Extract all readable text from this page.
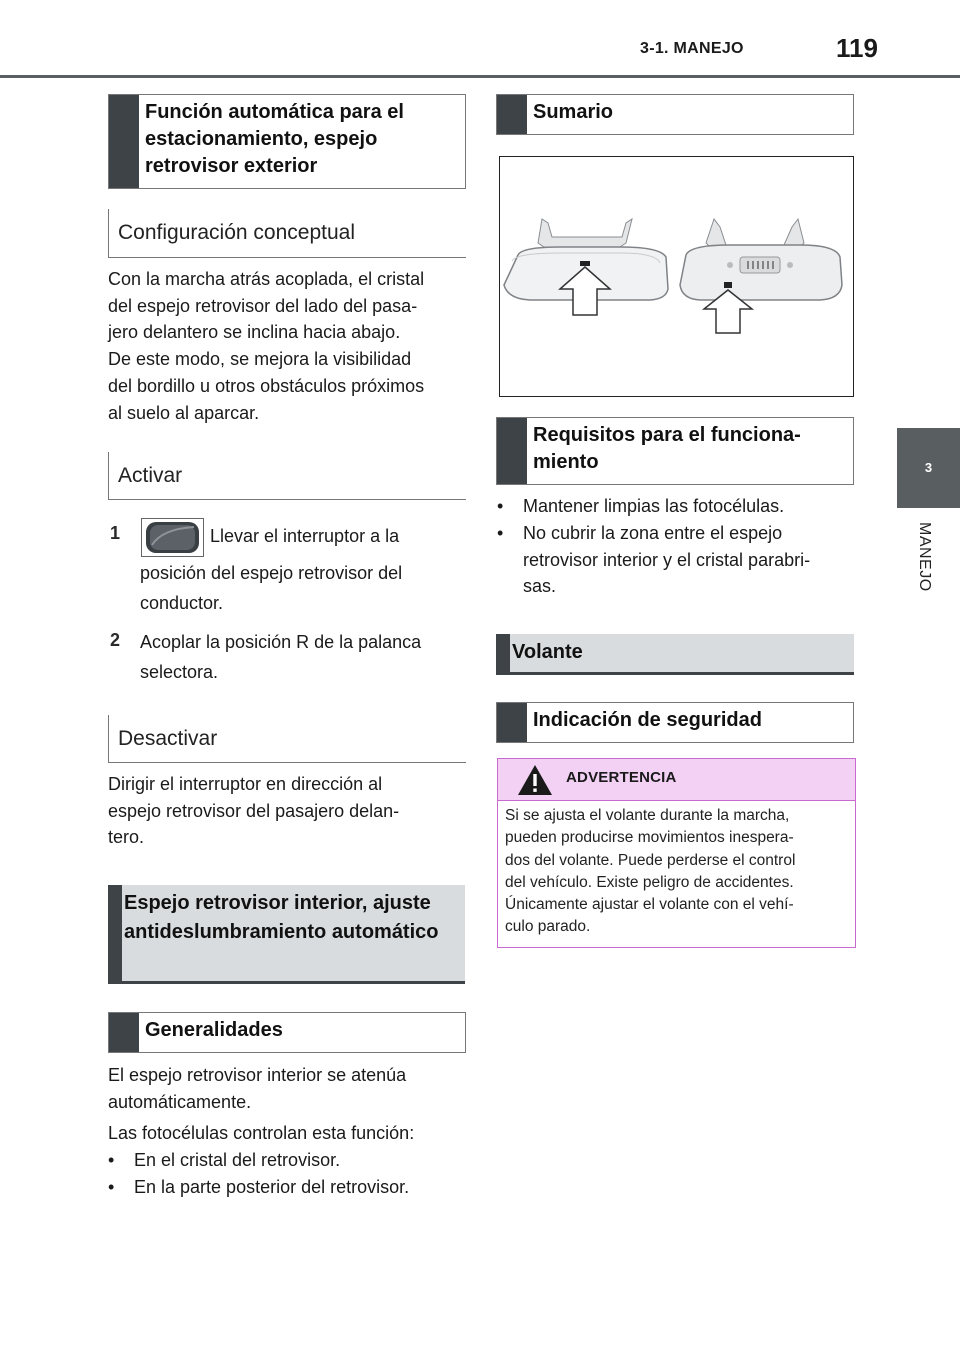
3-1. MANEJO	119
3
MANEJO
Función automática para el estacionamiento, espejo retrovisor exterior
Configuración conceptual
Con la marcha atrás acoplada, el cristal
del espejo retrovisor del lado del pasa-
jero delantero se inclina hacia abajo.
De este modo, se mejora la visibilidad
del bordillo u otros obstáculos próximos
al suelo al aparcar.
Activar
1	Llevar el interruptor a la
posición del espejo retrovisor del
conductor.
2 Acoplar la posición R de la palanca
selectora.
Desactivar
Dirigir el interruptor en dirección al
espejo retrovisor del pasajero delan-
tero.
Espejo retrovisor interior, ajuste antideslumbramiento automático
Generalidades
El espejo retrovisor interior se atenúa
automáticamente.
Las fotocélulas controlan esta función:
• En el cristal del retrovisor.
• En la parte posterior del retrovisor.
Sumario
Requisitos para el funciona- miento
• Mantener limpias las fotocélulas.
• No cubrir la zona entre el espejo
retrovisor interior y el cristal parabri-
sas.
Volante
Indicación de seguridad
ADVERTENCIA
Si se ajusta el volante durante la marcha,
pueden producirse movimientos inespera-
dos del volante. Puede perderse el control
del vehículo. Existe peligro de accidentes.
Únicamente ajustar el volante con el vehí-
culo parado.
